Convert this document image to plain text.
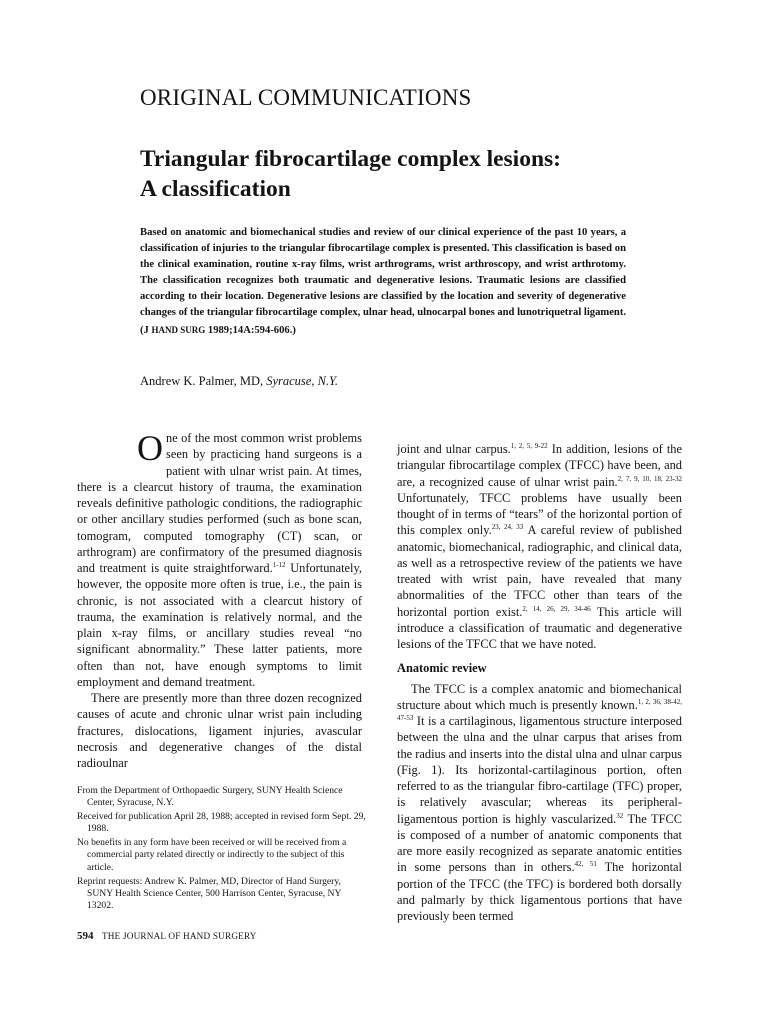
ORIGINAL COMMUNICATIONS
Triangular fibrocartilage complex lesions:
A classification

Based on anatomic and biomechanical studies and review of our clinical experience of the past 10 years, a classification of injuries to the triangular fibrocartilage complex is presented. This classification is based on the clinical examination, routine x-ray films, wrist arthrograms, wrist arthroscopy, and wrist arthrotomy. The classification recognizes both traumatic and degenerative lesions. Traumatic lesions are classified according to their location. Degenerative lesions are classified by the location and severity of degenerative changes of the triangular fibrocartilage complex, ulnar head, ulnocarpal bones and lunotriquetral ligament. (J HAND SURG 1989;14A:594-606.)

Andrew K. Palmer, MD, Syracuse, N.Y.

One of the most common wrist problems seen by practicing hand surgeons is a patient with ulnar wrist pain. At times, there is a clearcut history of trauma, the examination reveals definitive pathologic conditions, the radiographic or other ancillary studies performed (such as bone scan, tomogram, computed tomography (CT) scan, or arthrogram) are confirmatory of the presumed diagnosis and treatment is quite straightforward.$^{1-12}$ Unfortunately, however, the opposite more often is true, i.e., the pain is chronic, is not associated with a clearcut history of trauma, the examination is relatively normal, and the plain x-ray films, or ancillary studies reveal “no significant abnormality.” These latter patients, more often than not, have enough symptoms to limit employment and demand treatment.

There are presently more than three dozen recognized causes of acute and chronic ulnar wrist pain including fractures, dislocations, ligament injuries, avascular necrosis and degenerative changes of the distal radioulnar

joint and ulnar carpus.$^{1, 2, 5, 9-22}$ In addition, lesions of the triangular fibrocartilage complex (TFCC) have been, and are, a recognized cause of ulnar wrist pain.$^{2, 7, 9, 10, 18, 23-32}$ Unfortunately, TFCC problems have usually been thought of in terms of “tears” of the horizontal portion of this complex only.$^{23, 24, 33}$ A careful review of published anatomic, biomechanical, radiographic, and clinical data, as well as a retrospective review of the patients we have treated with wrist pain, have revealed that many abnormalities of the TFCC other than tears of the horizontal portion exist.$^{2, 14, 26, 29, 34-46}$ This article will introduce a classification of traumatic and degenerative lesions of the TFCC that we have noted.

Anatomic review

The TFCC is a complex anatomic and biomechanical structure about which much is presently known.$^{1, 2, 36, 38-42, 47-53}$ It is a cartilaginous, ligamentous structure interposed between the ulna and the ulnar carpus that arises from the radius and inserts into the distal ulna and ulnar carpus (Fig. 1). Its horizontal-cartilaginous portion, often referred to as the triangular fibro-cartilage (TFC) proper, is relatively avascular; whereas its peripheral-ligamentous portion is highly vascularized.$^{32}$ The TFCC is composed of a number of anatomic components that are more easily recognized as separate anatomic entities in some persons than in others.$^{42, 51}$ The horizontal portion of the TFCC (the TFC) is bordered both dorsally and palmarly by thick ligamentous portions that have previously been termed

From the Department of Orthopaedic Surgery, SUNY Health Science Center, Syracuse, N.Y.

Received for publication April 28, 1988; accepted in revised form Sept. 29, 1988.

No benefits in any form have been received or will be received from a commercial party related directly or indirectly to the subject of this article.

Reprint requests: Andrew K. Palmer, MD, Director of Hand Surgery, SUNY Health Science Center, 500 Harrison Center, Syracuse, NY 13202.

594 THE JOURNAL OF HAND SURGERY
